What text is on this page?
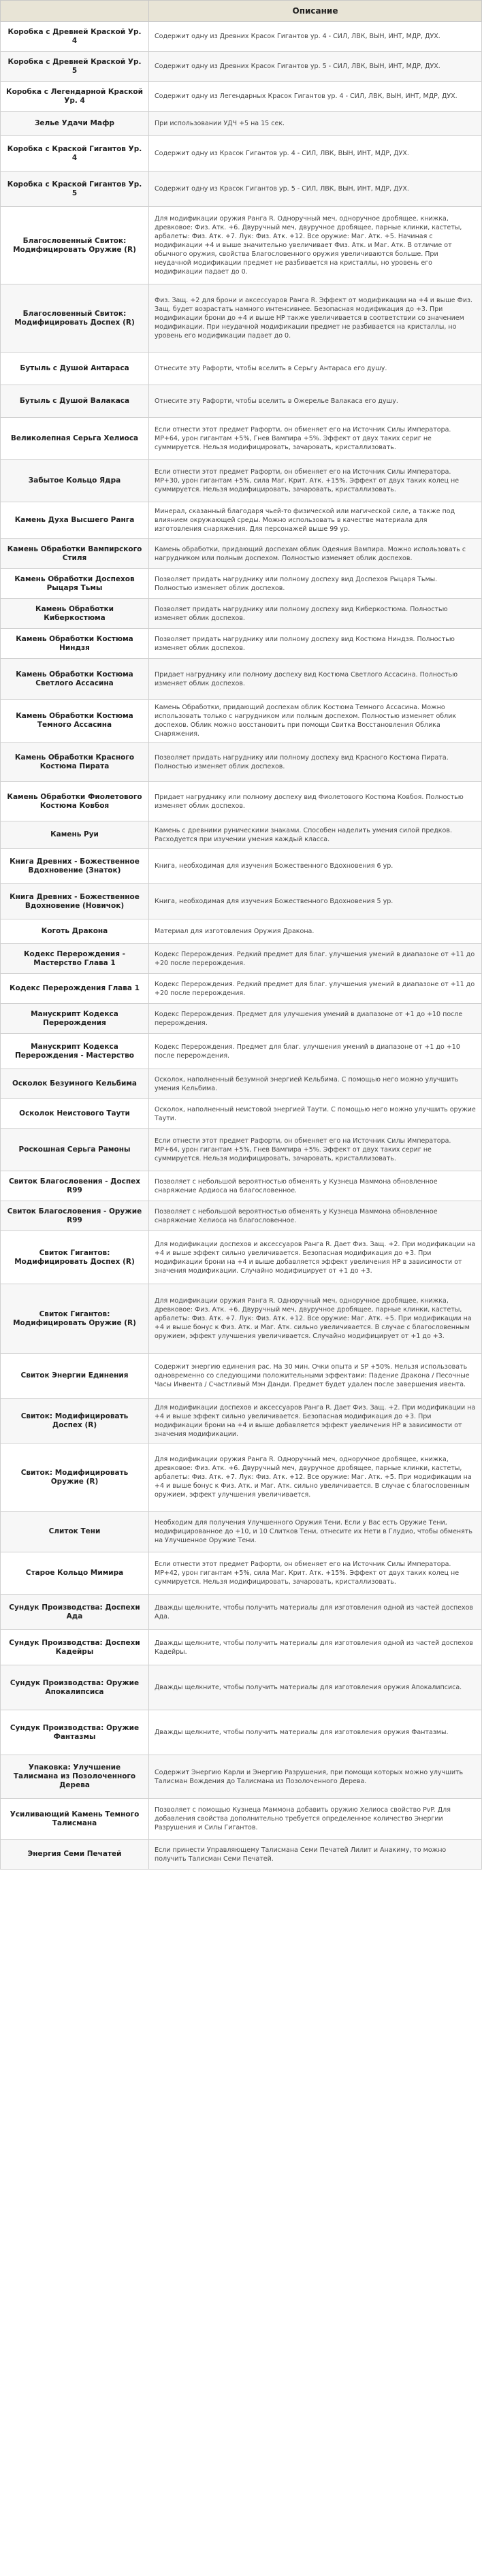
	Описание
Коробка с Древней Краской Ур. 4	Содержит одну из Древних Красок Гигантов ур. 4 - СИЛ, ЛВК, ВЫН, ИНТ, МДР, ДУХ.
Коробка с Древней Краской Ур. 5	Содержит одну из Древних Красок Гигантов ур. 5 - СИЛ, ЛВК, ВЫН, ИНТ, МДР, ДУХ.
Коробка с Легендарной Краской Ур. 4	Содержит одну из Легендарных Красок Гигантов ур. 4 - СИЛ, ЛВК, ВЫН, ИНТ, МДР, ДУХ.
Зелье Удачи Мафр	При использовании УДЧ +5 на 15 сек.
Коробка с Краской Гигантов Ур. 4	Содержит одну из Красок Гигантов ур. 4 - СИЛ, ЛВК, ВЫН, ИНТ, МДР, ДУХ.
Коробка с Краской Гигантов Ур. 5	Содержит одну из Красок Гигантов ур. 5 - СИЛ, ЛВК, ВЫН, ИНТ, МДР, ДУХ.
Благословенный Свиток: Модифицировать Оружие (R)	Для модификации оружия Ранга R. Одноручный меч, одноручное дробящее, книжка, древковое: Физ. Атк. +6. Двуручный меч, двуручное дробящее, парные клинки, кастеты, арбалеты: Физ. Атк. +7. Лук: Физ. Атк. +12. Все оружие: Маг. Атк. +5. Начиная с модификации +4 и выше значительно увеличивает Физ. Атк. и Маг. Атк. В отличие от обычного оружия, свойства Благословенного оружия увеличиваются больше. При неудачной модификации предмет не разбивается на кристаллы, но уровень его модификации падает до 0.
Благословенный Свиток: Модифицировать Доспех (R)	Физ. Защ. +2 для брони и аксессуаров Ранга R. Эффект от модификации на +4 и выше Физ. Защ. будет возрастать намного интенсивнее. Безопасная модификация до +3. При модификации брони до +4 и выше HP также увеличивается в соответствии со значением модификации. При неудачной модификации предмет не разбивается на кристаллы, но уровень его модификации падает до 0.
Бутыль с Душой Антараса	Отнесите эту Рафорти, чтобы вселить в Серьгу Антараса его душу.
Бутыль с Душой Валакаса	Отнесите эту Рафорти, чтобы вселить в Ожерелье Валакаса его душу.
Великолепная Серьга Хелиоса	Если отнести этот предмет Рафорти, он обменяет его на Источник Силы Императора. MP+64, урон гигантам +5%, Гнев Вампира +5%. Эффект от двух таких сериг не суммируется. Нельзя модифицировать, зачаровать, кристаллизовать.
Забытое Кольцо Ядра	Если отнести этот предмет Рафорти, он обменяет его на Источник Силы Императора. MP+30, урон гигантам +5%, сила Маг. Крит. Атк. +15%. Эффект от двух таких колец не суммируется. Нельзя модифицировать, зачаровать, кристаллизовать.
Камень Духа Высшего Ранга	Минерал, сказанный благодаря чьей-то физической или магической силе, а также под влиянием окружающей среды. Можно использовать в качестве материала для изготовления снаряжения. Для персонажей выше 99 ур.
Камень Обработки Вампирского Стиля	Камень обработки, придающий доспехам облик Одеяния Вампира. Можно использовать с нагрудником или полным доспехом. Полностью изменяет облик доспехов.
Камень Обработки Доспехов Рыцаря Тьмы	Позволяет придать нагруднику или полному доспеху вид Доспехов Рыцаря Тьмы. Полностью изменяет облик доспехов.
Камень Обработки Киберкостюма	Позволяет придать нагруднику или полному доспеху вид Киберкостюма. Полностью изменяет облик доспехов.
Камень Обработки Костюма Ниндзя	Позволяет придать нагруднику или полному доспеху вид Костюма Ниндзя. Полностью изменяет облик доспехов.
Камень Обработки Костюма Светлого Ассасина	Придает нагруднику или полному доспеху вид Костюма Светлого Ассасина. Полностью изменяет облик доспехов.
Камень Обработки Костюма Темного Ассасина	Камень Обработки, придающий доспехам облик Костюма Темного Ассасина. Можно использовать только с нагрудником или полным доспехом. Полностью изменяет облик доспехов. Облик можно восстановить при помощи Свитка Восстановления Облика Снаряжения.
Камень Обработки Красного Костюма Пирата	Позволяет придать нагруднику или полному доспеху вид Красного Костюма Пирата. Полностью изменяет облик доспехов.
Камень Обработки Фиолетового Костюма Ковбоя	Придает нагруднику или полному доспеху вид Фиолетового Костюма Ковбоя. Полностью изменяет облик доспехов.
Камень Руи	Камень с древними руническими знаками. Способен наделить умения силой предков. Расходуется при изучении умения каждый класса.
Книга Древних - Божественное Вдохновение (Знаток)	Книга, необходимая для изучения Божественного Вдохновения 6 ур.
Книга Древних - Божественное Вдохновение (Новичок)	Книга, необходимая для изучения Божественного Вдохновения 5 ур.
Коготь Дракона	Материал для изготовления Оружия Дракона.
Кодекс Перерождения - Мастерство Глава 1	Кодекс Перерождения. Редкий предмет для благ. улучшения умений в диапазоне от +11 до +20 после перерождения.
Кодекс Перерождения Глава 1	Кодекс Перерождения. Редкий предмет для благ. улучшения умений в диапазоне от +11 до +20 после перерождения.
Манускрипт Кодекса Перерождения	Кодекс Перерождения. Предмет для улучшения умений в диапазоне от +1 до +10 после перерождения.
Манускрипт Кодекса Перерождения - Мастерство	Кодекс Перерождения. Предмет для благ. улучшения умений в диапазоне от +1 до +10 после перерождения.
Осколок Безумного Кельбима	Осколок, наполненный безумной энергией Кельбима. С помощью него можно улучшить умения Кельбима.
Осколок Неистового Таути	Осколок, наполненный неистовой энергией Таути. С помощью него можно улучшить оружие Таути.
Роскошная Серьга Рамоны	Если отнести этот предмет Рафорти, он обменяет его на Источник Силы Императора. MP+64, урон гигантам +5%, Гнев Вампира +5%. Эффект от двух таких сериг не суммируется. Нельзя модифицировать, зачаровать, кристаллизовать.
Свиток Благословения - Доспех R99	Позволяет с небольшой вероятностью обменять у Кузнеца Маммона обновленное снаряжение Ардиоса на благословенное.
Свиток Благословения - Оружие R99	Позволяет с небольшой вероятностью обменять у Кузнеца Маммона обновленное снаряжение Хелиоса на благословенное.
Свиток Гигантов: Модифицировать Доспех (R)	Для модификации доспехов и аксессуаров Ранга R. Дает Физ. Защ. +2. При модификации на +4 и выше эффект сильно увеличивается. Безопасная модификация до +3. При модификации брони на +4 и выше добавляется эффект увеличения HP в зависимости от значения модификации. Случайно модифицирует от +1 до +3.
Свиток Гигантов: Модифицировать Оружие (R)	Для модификации оружия Ранга R. Одноручный меч, одноручное дробящее, книжка, древковое: Физ. Атк. +6. Двуручный меч, двуручное дробящее, парные клинки, кастеты, арбалеты: Физ. Атк. +7. Лук: Физ. Атк. +12. Все оружие: Маг. Атк. +5. При модификации на +4 и выше бонус к Физ. Атк. и Маг. Атк. сильно увеличивается. В случае с благословенным оружием, эффект улучшения увеличивается. Случайно модифицирует от +1 до +3.
Свиток Энергии Единения	Содержит энергию единения рас. На 30 мин. Очки опыта и SP +50%. Нельзя использовать одновременно со следующими положительными эффектами: Падение Дракона / Песочные Часы Инвента / Счастливый Мэн Данди. Предмет будет удален после завершения ивента.
Свиток: Модифицировать Доспех (R)	Для модификации доспехов и аксессуаров Ранга R. Дает Физ. Защ. +2. При модификации на +4 и выше эффект сильно увеличивается. Безопасная модификация до +3. При модификации брони на +4 и выше добавляется эффект увеличения HP в зависимости от значения модификации.
Свиток: Модифицировать Оружие (R)	Для модификации оружия Ранга R. Одноручный меч, одноручное дробящее, книжка, древковое: Физ. Атк. +6. Двуручный меч, двуручное дробящее, парные клинки, кастеты, арбалеты: Физ. Атк. +7. Лук: Физ. Атк. +12. Все оружие: Маг. Атк. +5. При модификации на +4 и выше бонус к Физ. Атк. и Маг. Атк. сильно увеличивается. В случае с благословенным оружием, эффект улучшения увеличивается.
Слиток Тени	Необходим для получения Улучшенного Оружия Тени. Если у Вас есть Оружие Тени, модифицированное до +10, и 10 Слитков Тени, отнесите их Нети в Глудио, чтобы обменять на Улучшенное Оружие Тени.
Старое Кольцо Мимира	Если отнести этот предмет Рафорти, он обменяет его на Источник Силы Императора. MP+42, урон гигантам +5%, сила Маг. Крит. Атк. +15%. Эффект от двух таких колец не суммируется. Нельзя модифицировать, зачаровать, кристаллизовать.
Сундук Производства: Доспехи Ада	Дважды щелкните, чтобы получить материалы для изготовления одной из частей доспехов Ада.
Сундук Производства: Доспехи Кадейры	Дважды щелкните, чтобы получить материалы для изготовления одной из частей доспехов Кадейры.
Сундук Производства: Оружие Апокалипсиса	Дважды щелкните, чтобы получить материалы для изготовления оружия Апокалипсиса.
Сундук Производства: Оружие Фантазмы	Дважды щелкните, чтобы получить материалы для изготовления оружия Фантазмы.
Упаковка: Улучшение Талисмана из Позолоченного Дерева	Содержит Энергию Карли и Энергию Разрушения, при помощи которых можно улучшить Талисман Вождения до Талисмана из Позолоченного Дерева.
Усиливающий Камень Темного Талисмана	Позволяет с помощью Кузнеца Маммона добавить оружию Хелиоса свойство PvP. Для добавления свойства дополнительно требуется определенное количество Энергии Разрушения и Силы Гигантов.
Энергия Семи Печатей	Если принести Управляющему Талисмана Семи Печатей Лилит и Анакиму, то можно получить Талисман Семи Печатей.
